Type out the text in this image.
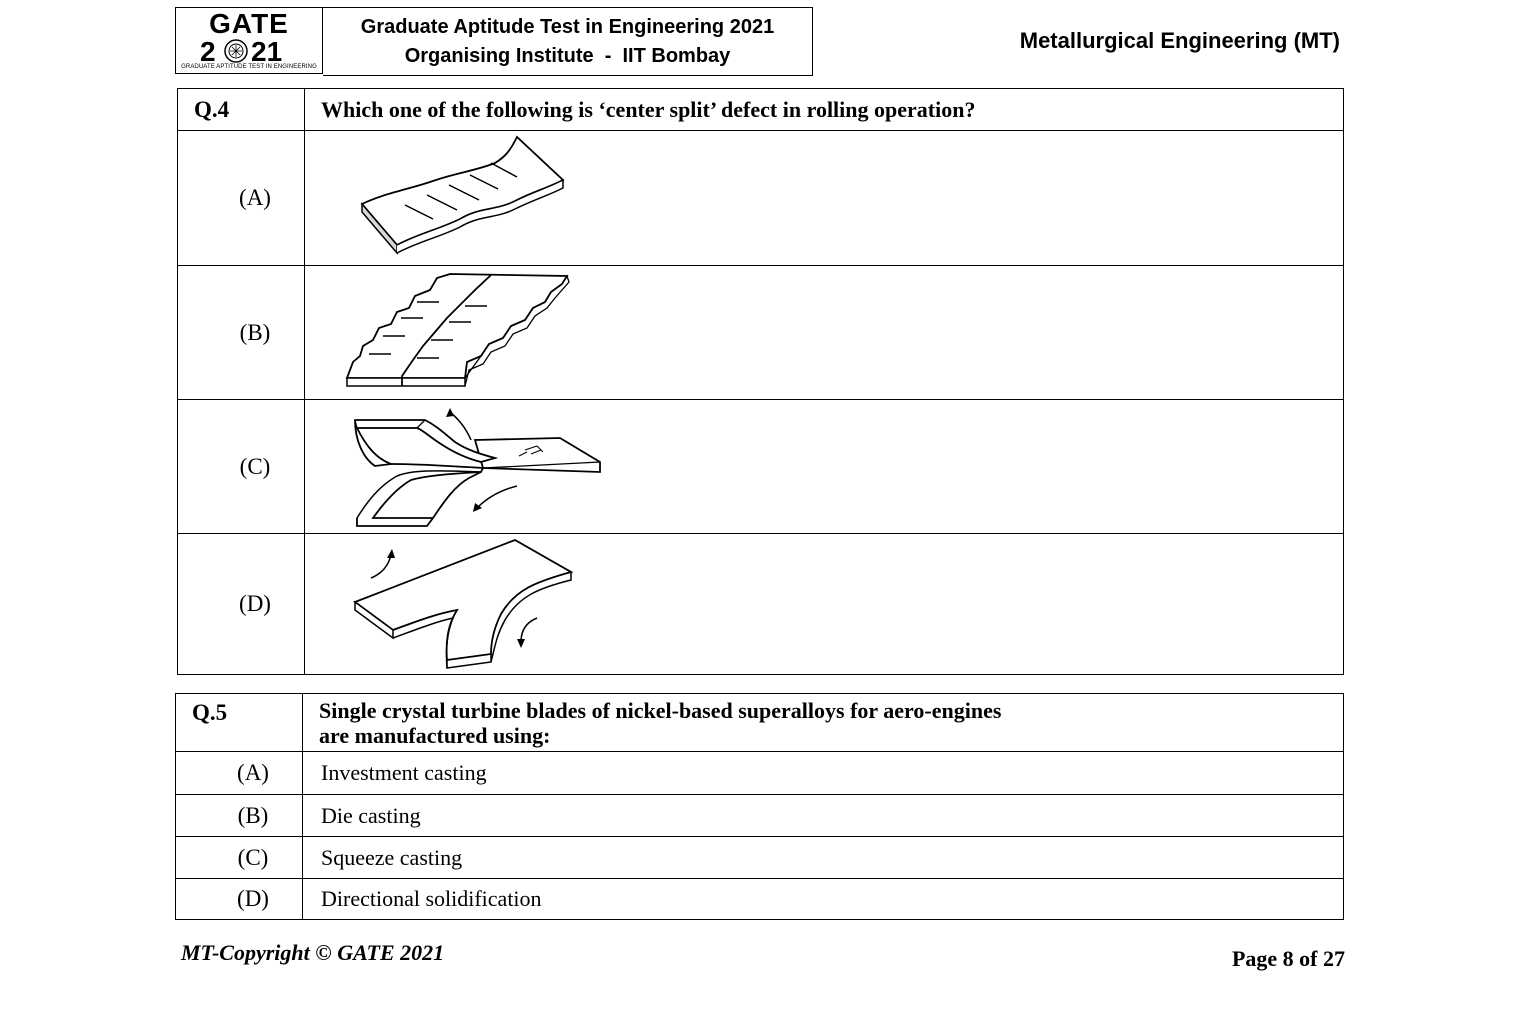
GATE
2 21
GRADUATE APTITUDE TEST IN ENGINEERING
Graduate Aptitude Test in Engineering 2021
Organising Institute  -  IIT Bombay
Metallurgical Engineering (MT)
Q.4	Which one of the following is ‘center split’ defect in rolling operation?
(A)	

(B)	

(C)	

(D)	
Q.5	Single crystal turbine blades of nickel-based superalloys for aero-engines
are manufactured using:

(A)	Investment casting
(B)	Die casting
(C)	Squeeze casting
(D)	Directional solidification
MT-Copyright © GATE 2021	Page 8 of 27
